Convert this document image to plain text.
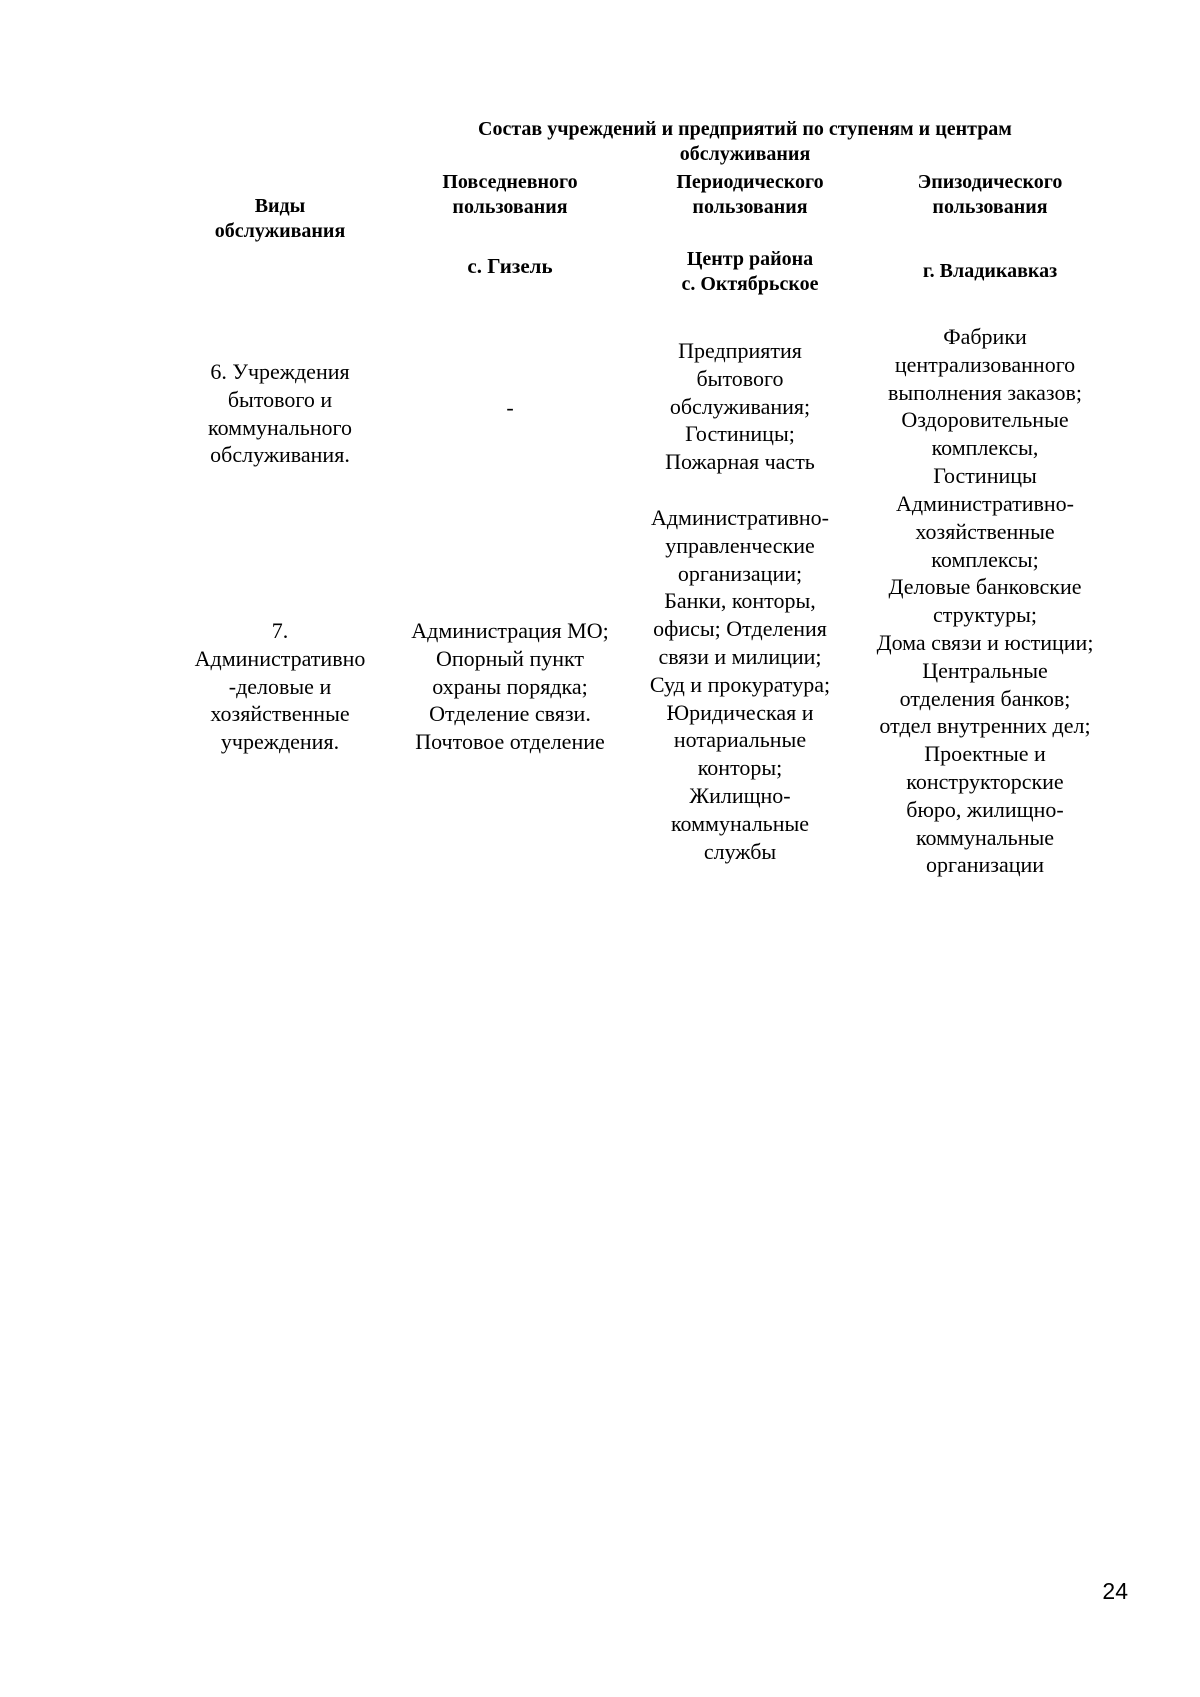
Состав учреждений и предприятий по ступеням и центрам
обслуживания
Виды
обслуживания
Повседневного
пользования
Периодического
пользования
Эпизодического
пользования
с. Гизель	Центр района
с. Октябрьское
г. Владикавказ
6. Учреждения
бытового и
коммунального
обслуживания.
-
Предприятия
бытового
обслуживания;
Гостиницы;
Пожарная часть
Фабрики
централизованного
выполнения заказов;
Оздоровительные
комплексы,
Гостиницы
7.
Административно
-деловые и
хозяйственные
учреждения.
Администрация МО;
Опорный пункт
охраны порядка;
Отделение связи.
Почтовое отделение
Административно-
управленческие
организации;
Банки, конторы,
офисы; Отделения
связи и милиции;
Суд и прокуратура;
Юридическая и
нотариальные
конторы;
Жилищно-
коммунальные
службы
Административно-
хозяйственные
комплексы;
Деловые банковские
структуры;
Дома связи и юстиции;
Центральные
отделения банков;
отдел внутренних дел;
Проектные и
конструкторские
бюро, жилищно-
коммунальные
организации
24
